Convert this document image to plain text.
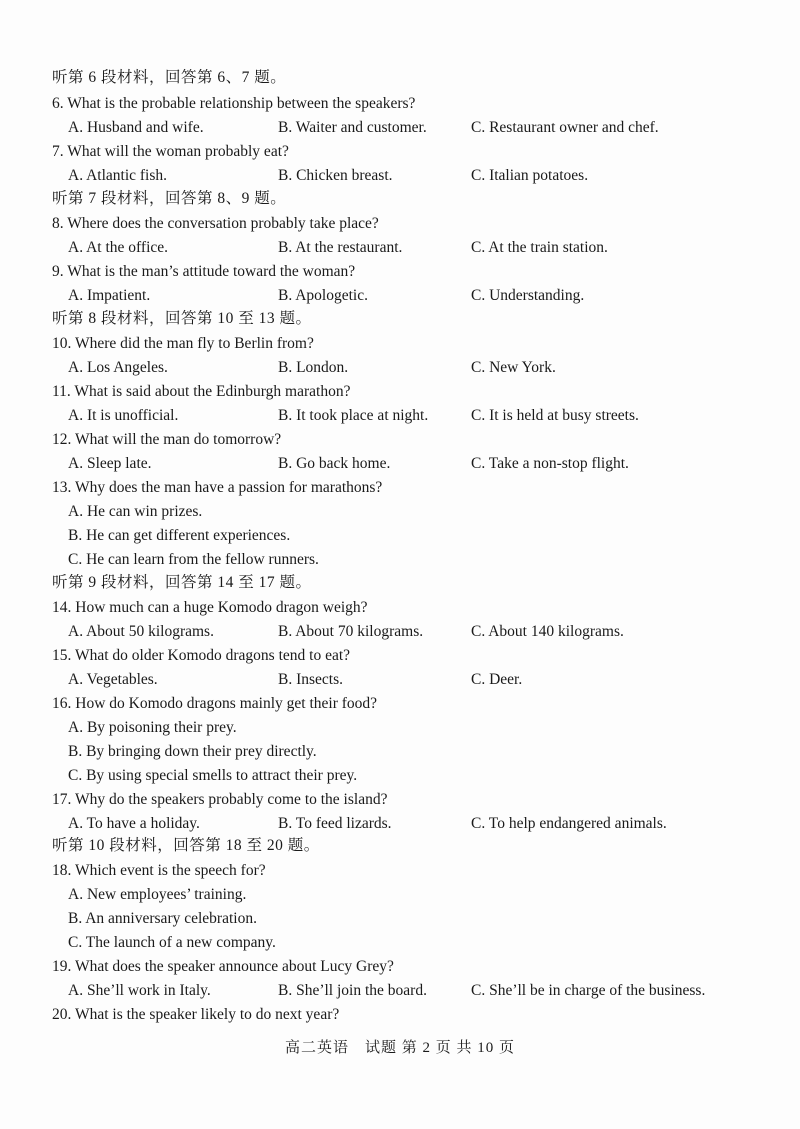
听第 6 段材料，回答第 6、7 题。
6. What is the probable relationship between the speakers?
A. Husband and wife.	B. Waiter and customer.	C. Restaurant owner and chef.
7. What will the woman probably eat?
A. Atlantic fish.	B. Chicken breast.	C. Italian potatoes.
听第 7 段材料，回答第 8、9 题。
8. Where does the conversation probably take place?
A. At the office.	B. At the restaurant.	C. At the train station.
9. What is the man’s attitude toward the woman?
A. Impatient.	B. Apologetic.	C. Understanding.
听第 8 段材料，回答第 10 至 13 题。
10. Where did the man fly to Berlin from?
A. Los Angeles.	B. London.	C. New York.
11. What is said about the Edinburgh marathon?
A. It is unofficial.	B. It took place at night.	C. It is held at busy streets.
12. What will the man do tomorrow?
A. Sleep late.	B. Go back home.	C. Take a non-stop flight.
13. Why does the man have a passion for marathons?
A. He can win prizes.
B. He can get different experiences.
C. He can learn from the fellow runners.
听第 9 段材料，回答第 14 至 17 题。
14. How much can a huge Komodo dragon weigh?
A. About 50 kilograms.	B. About 70 kilograms.	C. About 140 kilograms.
15. What do older Komodo dragons tend to eat?
A. Vegetables.	B. Insects.	C. Deer.
16. How do Komodo dragons mainly get their food?
A. By poisoning their prey.
B. By bringing down their prey directly.
C. By using special smells to attract their prey.
17. Why do the speakers probably come to the island?
A. To have a holiday.	B. To feed lizards.	C. To help endangered animals.
听第 10 段材料，回答第 18 至 20 题。
18. Which event is the speech for?
A. New employees’ training.
B. An anniversary celebration.
C. The launch of a new company.
19. What does the speaker announce about Lucy Grey?
A. She’ll work in Italy.	B. She’ll join the board.	C. She’ll be in charge of the business.
20. What is the speaker likely to do next year?
高二英语　试题 第 2 页 共 10 页
